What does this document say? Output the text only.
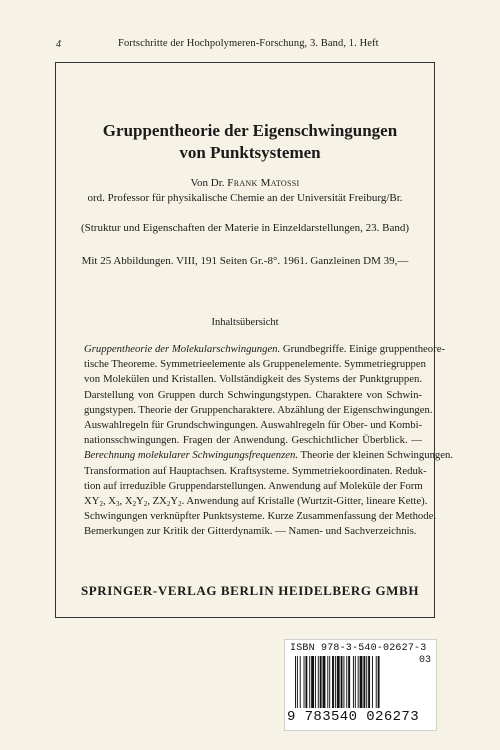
4	Fortschritte der Hochpolymeren-Forschung, 3. Band, 1. Heft
Gruppentheorie der Eigenschwingungen
von Punktsystemen
Von Dr. Frank Matossi
ord. Professor für physikalische Chemie an der Universität Freiburg/Br.
(Struktur und Eigenschaften der Materie in Einzeldarstellungen, 23. Band)
Mit 25 Abbildungen. VIII, 191 Seiten Gr.-8°. 1961. Ganzleinen DM 39,—
Inhaltsübersicht
Gruppentheorie der Molekularschwingungen. Grundbegriffe. Einige gruppentheore-
tische Theoreme. Symmetrieelemente als Gruppenelemente. Symmetriegruppen
von Molekülen und Kristallen. Vollständigkeit des Systems der Punktgruppen.
Darstellung von Gruppen durch Schwingungstypen. Charaktere von Schwin-
gungstypen. Theorie der Gruppencharaktere. Abzählung der Eigenschwingungen.
Auswahlregeln für Grundschwingungen. Auswahlregeln für Ober- und Kombi-
nationsschwingungen. Fragen der Anwendung. Geschichtlicher Überblick. —
Berechnung molekularer Schwingungsfrequenzen. Theorie der kleinen Schwingungen.
Transformation auf Hauptachsen. Kraftsysteme. Symmetriekoordinaten. Reduk-
tion auf irreduzible Gruppendarstellungen. Anwendung auf Moleküle der Form
$XY_2$, $X_3$, $X_2Y_2$, $ZX_2Y_2$. Anwendung auf Kristalle (Wurtzit-Gitter, lineare Kette).
Schwingungen verknüpfter Punktsysteme. Kurze Zusammenfassung der Methode.
Bemerkungen zur Kritik der Gitterdynamik. — Namen- und Sachverzeichnis.
SPRINGER-VERLAG BERLIN HEIDELBERG GMBH
ISBN 978-3-540-02627-3
03
9 783540 026273
